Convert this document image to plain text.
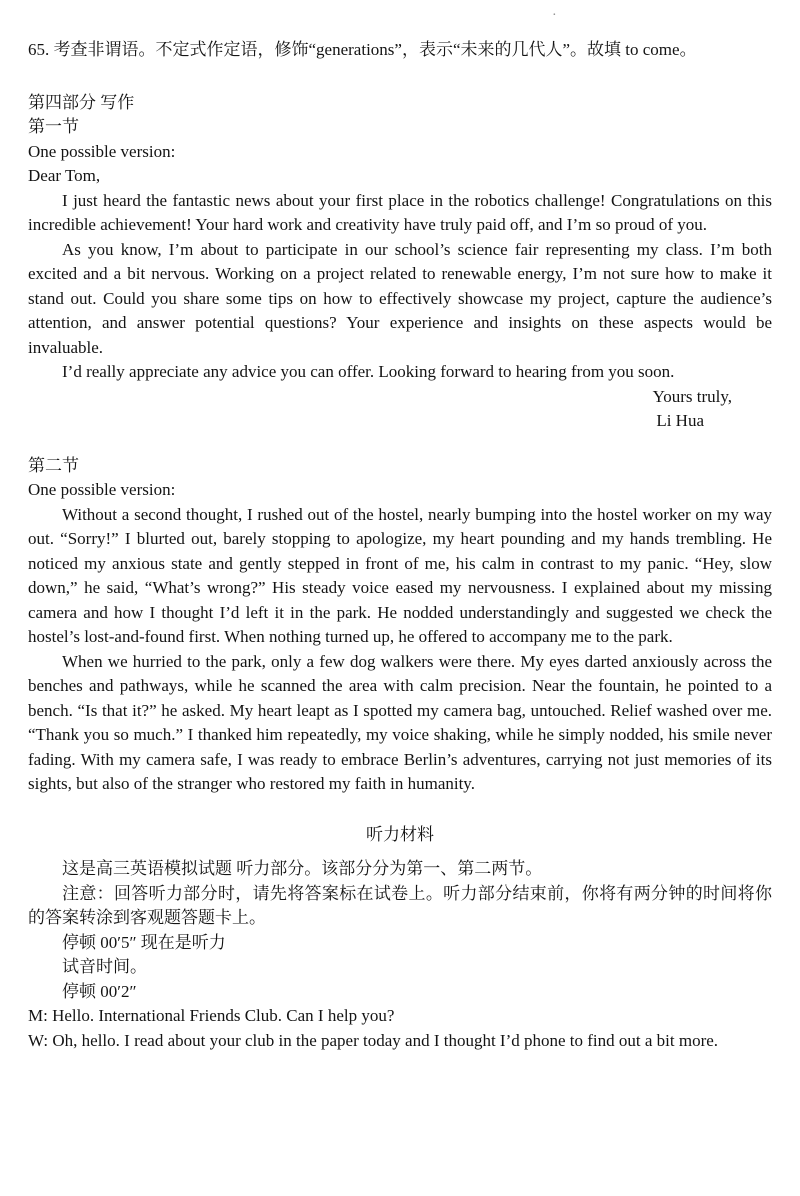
·

65. 考查非谓语。不定式作定语，修饰“generations”，表示“未来的几代人”。故填 to come。

第四部分 写作

第一节

One possible version:

Dear Tom,

I just heard the fantastic news about your first place in the robotics challenge! Congratulations on this incredible achievement! Your hard work and creativity have truly paid off, and I’m so proud of you.

As you know, I’m about to participate in our school’s science fair representing my class. I’m both excited and a bit nervous. Working on a project related to renewable energy, I’m not sure how to make it stand out. Could you share some tips on how to effectively showcase my project, capture the audience’s attention, and answer potential questions? Your experience and insights on these aspects would be invaluable.

I’d really appreciate any advice you can offer. Looking forward to hearing from you soon.

Yours truly,

Li Hua

第二节

One possible version:

Without a second thought, I rushed out of the hostel, nearly bumping into the hostel worker on my way out. “Sorry!” I blurted out, barely stopping to apologize, my heart pounding and my hands trembling. He noticed my anxious state and gently stepped in front of me, his calm in contrast to my panic. “Hey, slow down,” he said, “What’s wrong?” His steady voice eased my nervousness. I explained about my missing camera and how I thought I’d left it in the park. He nodded understandingly and suggested we check the hostel’s lost-and-found first. When nothing turned up, he offered to accompany me to the park.

When we hurried to the park, only a few dog walkers were there. My eyes darted anxiously across the benches and pathways, while he scanned the area with calm precision. Near the fountain, he pointed to a bench. “Is that it?” he asked. My heart leapt as I spotted my camera bag, untouched. Relief washed over me. “Thank you so much.” I thanked him repeatedly, my voice shaking, while he simply nodded, his smile never fading. With my camera safe, I was ready to embrace Berlin’s adventures, carrying not just memories of its sights, but also of the stranger who restored my faith in humanity.

听力材料

这是高三英语模拟试题 听力部分。该部分分为第一、第二两节。

注意：回答听力部分时，请先将答案标在试卷上。听力部分结束前，你将有两分钟的时间将你的答案转涂到客观题答题卡上。

停顿 00′5″ 现在是听力

试音时间。

停顿 00′2″

M: Hello. International Friends Club. Can I help you?

W: Oh, hello. I read about your club in the paper today and I thought I’d phone to find out a bit more.
